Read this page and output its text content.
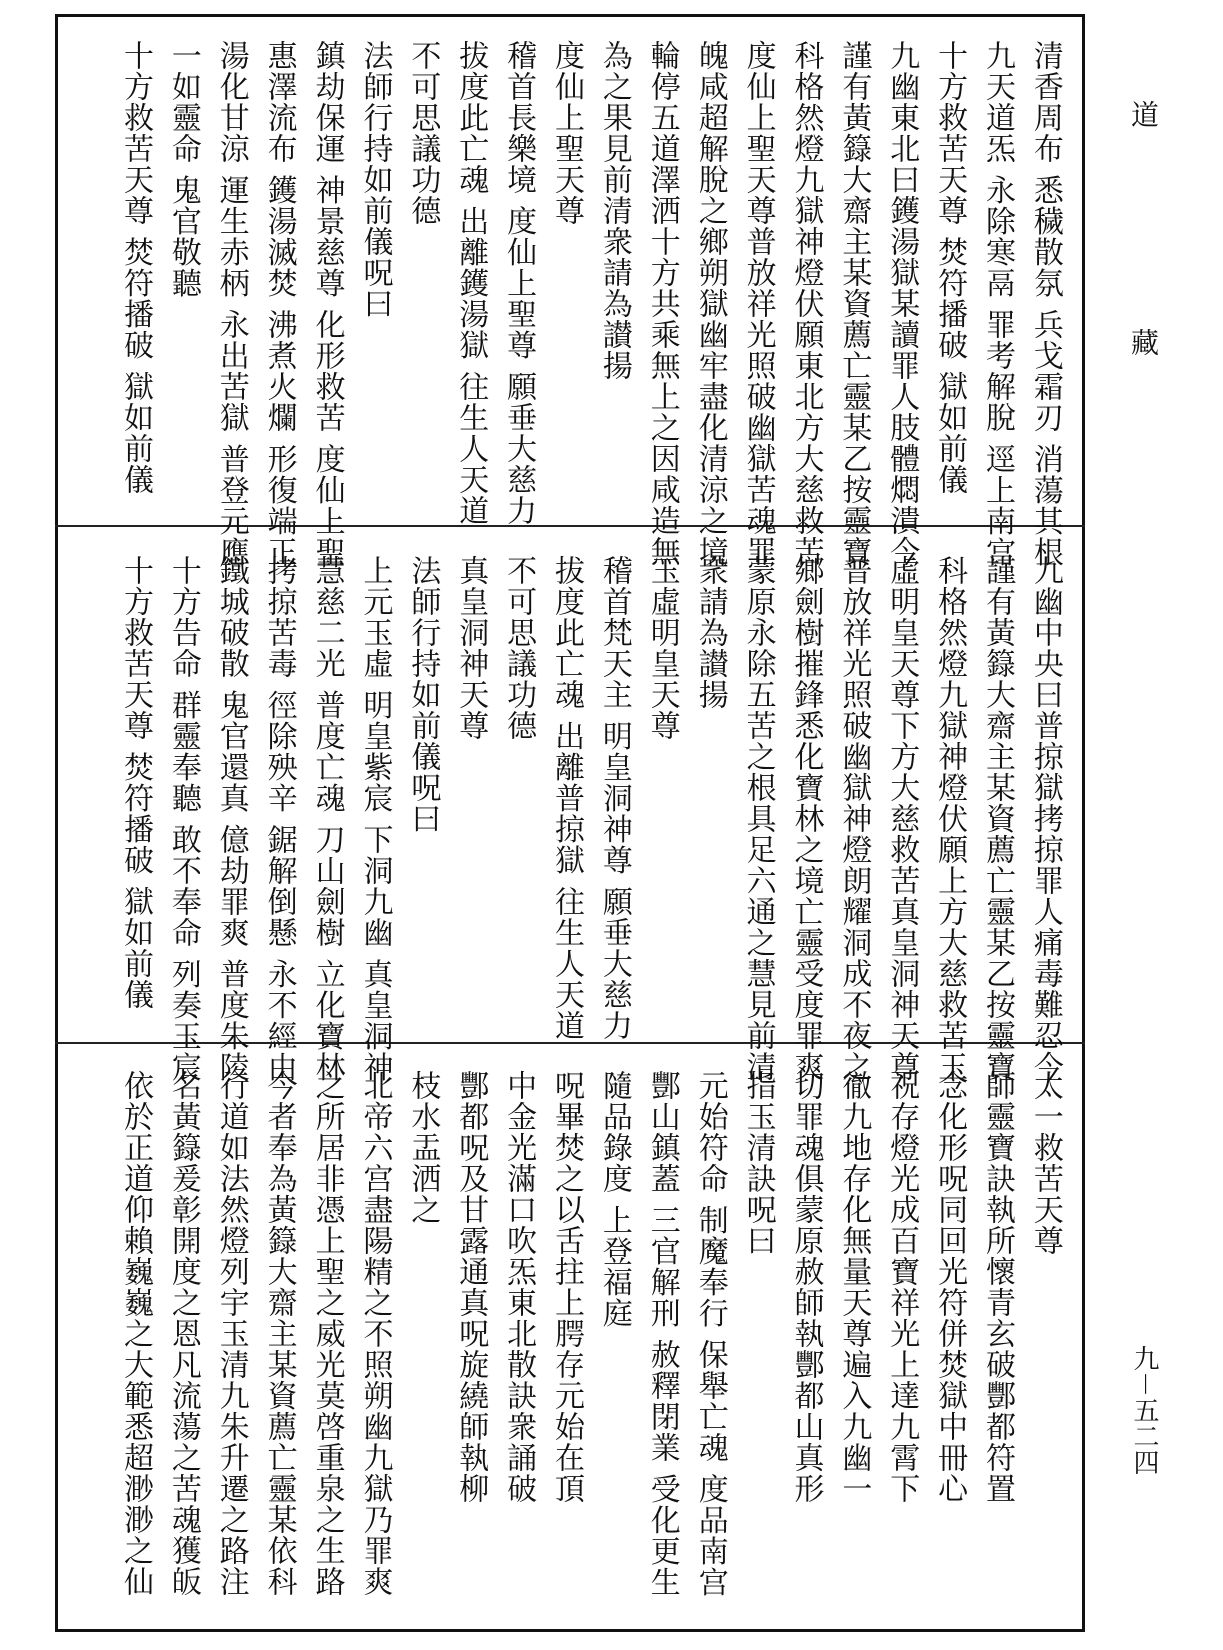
道
藏
九－五二四
清香周布 悉穢散氛 兵戈霜刃 消蕩其根
九天道炁 永除寒鬲 罪考解脫 逕上南宫
十方救苦天尊 焚符播破 獄如前儀
九幽東北曰鑊湯獄某讀罪人肢體燜潰今
謹有黃籙大齋主某資薦亡靈某乙按靈寶
科格然燈九獄神燈伏願東北方大慈救苦
度仙上聖天尊普放祥光照破幽獄苦魂罪
魄咸超解脫之鄉朔獄幽牢盡化清涼之境
輪停五道澤洒十方共乘無上之因咸造無
為之果見前清衆請為讃揚
度仙上聖天尊
稽首長樂境 度仙上聖尊 願垂大慈力
拔度此亡魂 出離鑊湯獄 往生人天道
不可思議功德
法師行持如前儀呪曰
鎮劫保運 神景慈尊 化形救苦 度仙上聖
惠澤流布 鑊湯滅焚 沸煮火爛 形復端正
湯化甘涼 運生赤柄 永出苦獄 普登元應
一如靈命 鬼官敬聽
十方救苦天尊 焚符播破 獄如前儀
九幽中央曰普掠獄拷掠罪人痛毒難忍今
謹有黃籙大齋主某資薦亡靈某乙按靈寶
科格然燈九獄神燈伏願上方大慈救苦玉
虛明皇天尊下方大慈救苦真皇洞神天尊
普放祥光照破幽獄神燈朗耀洞成不夜之
鄉劍樹摧鋒悉化寶林之境亡靈受度罪爽
蒙原永除五苦之根具足六通之慧見前清
衆請為讃揚
玉虛明皇天尊
稽首梵天主 明皇洞神尊 願垂大慈力
拔度此亡魂 出離普掠獄 往生人天道
不可思議功德
真皇洞神天尊
法師行持如前儀呪曰
上元玉虛 明皇紫宸 下洞九幽 真皇洞神
慧慈二光 普度亡魂 刀山劍樹 立化寶林
拷掠苦毒 徑除殃辛 鋸解倒懸 永不經由
鐵城破散 鬼官還真 億劫罪爽 普度朱陵
十方告命 群靈奉聽 敢不奉命 列奏玉宸
十方救苦天尊 焚符播破 獄如前儀
太一救苦天尊
師靈寶訣執所懷青玄破酆都符置
念化形呪同回光符併焚獄中冊心
祝存燈光成百寶祥光上達九霄下
徹九地存化無量天尊遍入九幽一
切罪魂俱蒙原赦師執酆都山真形
指玉清訣呪曰
元始符命 制魔奉行 保舉亡魂 度品南宫
酆山鎮蓋 三官解刑 赦釋閉業 受化更生
隨品錄度 上登福庭
呪畢焚之以舌拄上腭存元始在頂
中金光滿口吹炁東北散訣衆誦破
酆都呪及甘露通真呪旋繞師執柳
枝水盂洒之
北帝六宫盡陽精之不照朔幽九獄乃罪爽
之所居非憑上聖之威光莫啓重泉之生路
今者奉為黃籙大齋主某資薦亡靈某依科
行道如法然燈列宇玉清九朱升遷之路注
名黃籙爰彰開度之恩凡流蕩之苦魂獲皈
依於正道仰賴巍巍之大範悉超渺渺之仙
